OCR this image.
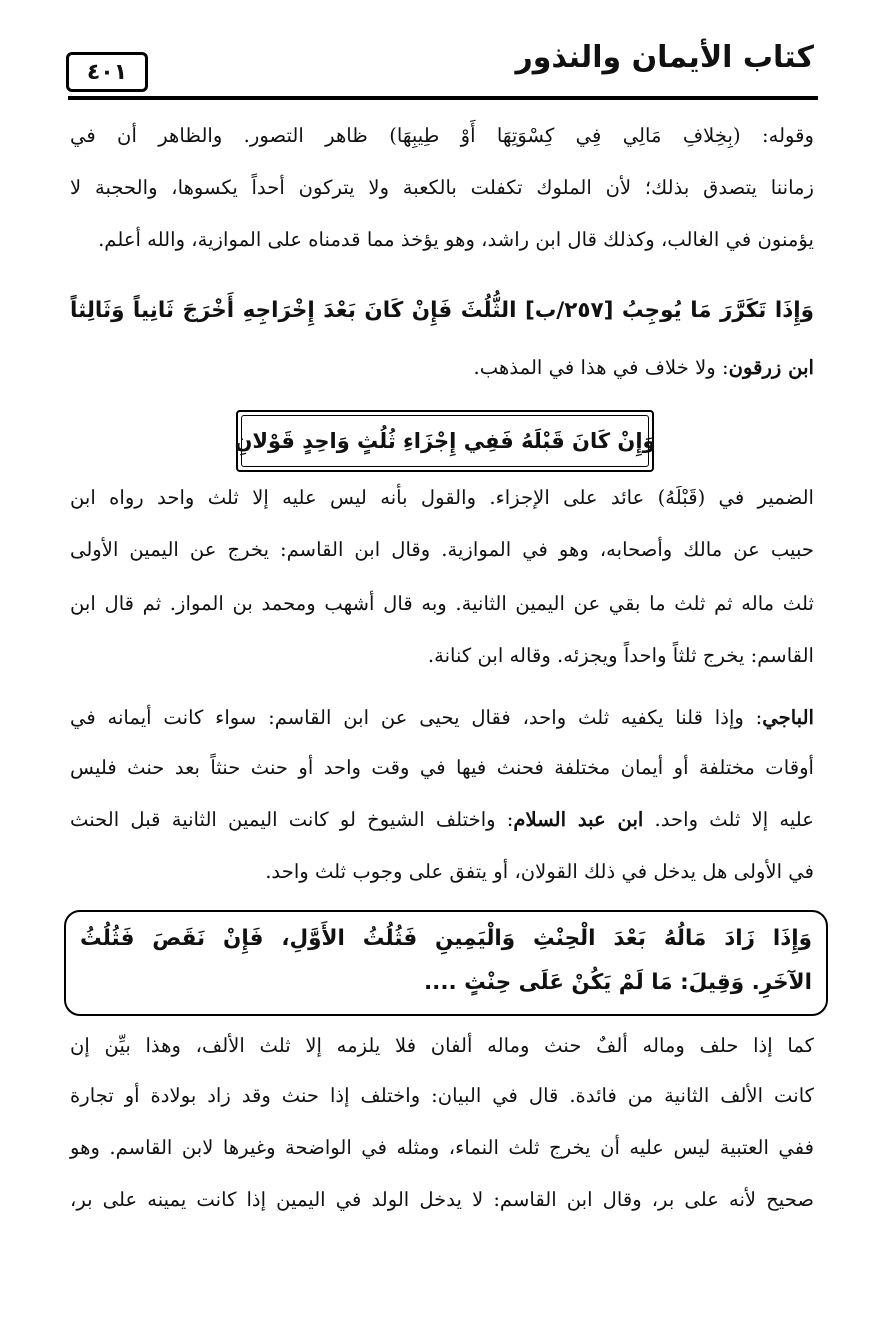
كتاب الأيمان والنذور
٤٠١
وقوله: (بِخِلافِ مَالِي فِي كِسْوَتِهَا أَوْ طِيبِهَا) ظاهر التصور. والظاهر أن في
زماننا يتصدق بذلك؛ لأن الملوك تكفلت بالكعبة ولا يتركون أحداً يكسوها، والحجبة لا
يؤمنون في الغالب، وكذلك قال ابن راشد، وهو يؤخذ مما قدمناه على الموازية، والله أعلم.
وَإِذَا تَكَرَّرَ مَا يُوجِبُ [٢٥٧/ب] الثُّلُثَ فَإِنْ كَانَ بَعْدَ إِخْرَاجِهِ أَخْرَجَ ثَانِياً وَثَالِثاً
ابن زرقون: ولا خلاف في هذا في المذهب.
وَإِنْ كَانَ قَبْلَهُ فَفِي إِجْزَاءِ ثُلُثٍ وَاحِدٍ قَوْلانِ
الضمير في (قَبْلَهُ) عائد على الإجزاء. والقول بأنه ليس عليه إلا ثلث واحد رواه ابن
حبيب عن مالك وأصحابه، وهو في الموازية. وقال ابن القاسم: يخرج عن اليمين الأولى
ثلث ماله ثم ثلث ما بقي عن اليمين الثانية. وبه قال أشهب ومحمد بن المواز. ثم قال ابن
القاسم: يخرج ثلثاً واحداً ويجزئه. وقاله ابن كنانة.
الباجي: وإذا قلنا يكفيه ثلث واحد، فقال يحيى عن ابن القاسم: سواء كانت أيمانه في
أوقات مختلفة أو أيمان مختلفة فحنث فيها في وقت واحد أو حنث حنثاً بعد حنث فليس
عليه إلا ثلث واحد. ابن عبد السلام: واختلف الشيوخ لو كانت اليمين الثانية قبل الحنث
في الأولى هل يدخل في ذلك القولان، أو يتفق على وجوب ثلث واحد.
وَإِذَا زَادَ مَالُهُ بَعْدَ الْحِنْثِ وَالْيَمِينِ فَثُلُثُ الأَوَّلِ، فَإِنْ نَقَصَ فَثُلُثُ
الآخَرِ. وَقِيلَ: مَا لَمْ يَكُنْ عَلَى حِنْثٍ ....
كما إذا حلف وماله ألفٌ حنث وماله ألفان فلا يلزمه إلا ثلث الألف، وهذا بيِّن إن
كانت الألف الثانية من فائدة. قال في البيان: واختلف إذا حنث وقد زاد بولادة أو تجارة
ففي العتبية ليس عليه أن يخرج ثلث النماء، ومثله في الواضحة وغيرها لابن القاسم. وهو
صحيح لأنه على بر، وقال ابن القاسم: لا يدخل الولد في اليمين إذا كانت يمينه على بر،
